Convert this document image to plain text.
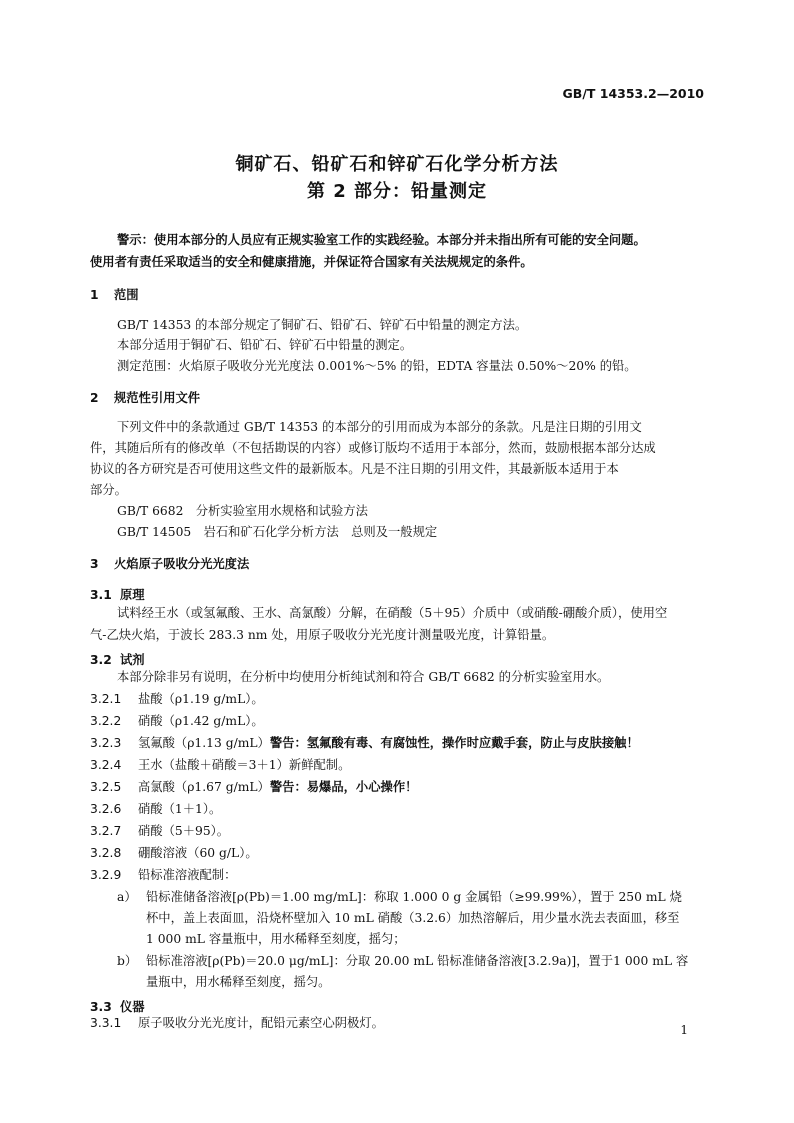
GB/T 14353.2—2010
铜矿石、铅矿石和锌矿石化学分析方法
第 2 部分：铅量测定
警示：使用本部分的人员应有正规实验室工作的实践经验。本部分并未指出所有可能的安全问题。
使用者有责任采取适当的安全和健康措施，并保证符合国家有关法规规定的条件。
1 范围
GB/T 14353 的本部分规定了铜矿石、铅矿石、锌矿石中铅量的测定方法。
本部分适用于铜矿石、铅矿石、锌矿石中铅量的测定。
测定范围：火焰原子吸收分光光度法 0.001%～5% 的铅，EDTA 容量法 0.50%～20% 的铅。
2 规范性引用文件
下列文件中的条款通过 GB/T 14353 的本部分的引用而成为本部分的条款。凡是注日期的引用文
件，其随后所有的修改单（不包括勘误的内容）或修订版均不适用于本部分，然而，鼓励根据本部分达成
协议的各方研究是否可使用这些文件的最新版本。凡是不注日期的引用文件，其最新版本适用于本
部分。
GB/T 6682　分析实验室用水规格和试验方法
GB/T 14505　岩石和矿石化学分析方法　总则及一般规定
3 火焰原子吸收分光光度法
3.1 原理
试料经王水（或氢氟酸、王水、高氯酸）分解，在硝酸（5＋95）介质中（或硝酸-硼酸介质），使用空
气-乙炔火焰，于波长 283.3 nm 处，用原子吸收分光光度计测量吸光度，计算铅量。
3.2 试剂
本部分除非另有说明，在分析中均使用分析纯试剂和符合 GB/T 6682 的分析实验室用水。
3.2.1 盐酸（ρ1.19 g/mL）。
3.2.2 硝酸（ρ1.42 g/mL）。
3.2.3 氢氟酸（ρ1.13 g/mL）警告：氢氟酸有毒、有腐蚀性，操作时应戴手套，防止与皮肤接触！
3.2.4 王水（盐酸＋硝酸＝3＋1）新鲜配制。
3.2.5 高氯酸（ρ1.67 g/mL）警告：易爆品，小心操作！
3.2.6 硝酸（1＋1）。
3.2.7 硝酸（5＋95）。
3.2.8 硼酸溶液（60 g/L）。
3.2.9 铅标准溶液配制：
a） 铅标准储备溶液[ρ(Pb)＝1.00 mg/mL]：称取 1.000 0 g 金属铅（≥99.99%），置于 250 mL 烧
杯中，盖上表面皿，沿烧杯壁加入 10 mL 硝酸（3.2.6）加热溶解后，用少量水洗去表面皿，移至
1 000 mL 容量瓶中，用水稀释至刻度，摇匀；
b） 铅标准溶液[ρ(Pb)＝20.0 μg/mL]：分取 20.00 mL 铅标准储备溶液[3.2.9a)]，置于1 000 mL 容
量瓶中，用水稀释至刻度，摇匀。
3.3 仪器
3.3.1 原子吸收分光光度计，配铅元素空心阴极灯。	1
